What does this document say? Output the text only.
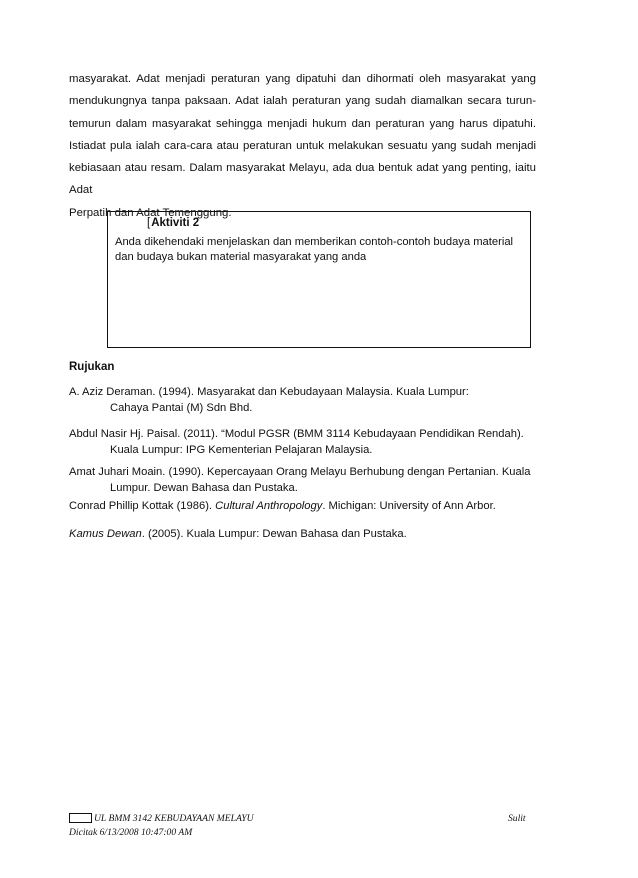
masyarakat. Adat menjadi peraturan yang dipatuhi dan dihormati oleh masyarakat yang
mendukungnya tanpa paksaan. Adat ialah peraturan yang sudah diamalkan secara turun-
temurun dalam masyarakat sehingga menjadi hukum dan peraturan yang harus dipatuhi.
Istiadat pula ialah cara-cara atau peraturan untuk melakukan sesuatu yang sudah menjadi
kebiasaan atau resam. Dalam masyarakat Melayu, ada dua bentuk adat yang penting, iaitu Adat
Perpatih dan Adat Temenggung.
[Aktiviti 2

Anda dikehendaki menjelaskan dan memberikan contoh-contoh budaya material
dan budaya bukan material masyarakat yang anda

Rujukan

A. Aziz Deraman. (1994). Masyarakat dan Kebudayaan Malaysia. Kuala Lumpur:
Cahaya Pantai (M) Sdn Bhd.

Abdul Nasir Hj. Paisal. (2011). “Modul PGSR (BMM 3114 Kebudayaan Pendidikan Rendah).
Kuala Lumpur: IPG Kementerian Pelajaran Malaysia.

Amat Juhari Moain. (1990). Kepercayaan Orang Melayu Berhubung dengan Pertanian. Kuala
Lumpur. Dewan Bahasa dan Pustaka.

Conrad Phillip Kottak (1986). Cultural Anthropology. Michigan: University of Ann Arbor.

Kamus Dewan. (2005). Kuala Lumpur: Dewan Bahasa dan Pustaka.

UL BMM 3142 KEBUDAYAAN MELAYU	Sulit
Dicitak 6/13/2008 10:47:00 AM
